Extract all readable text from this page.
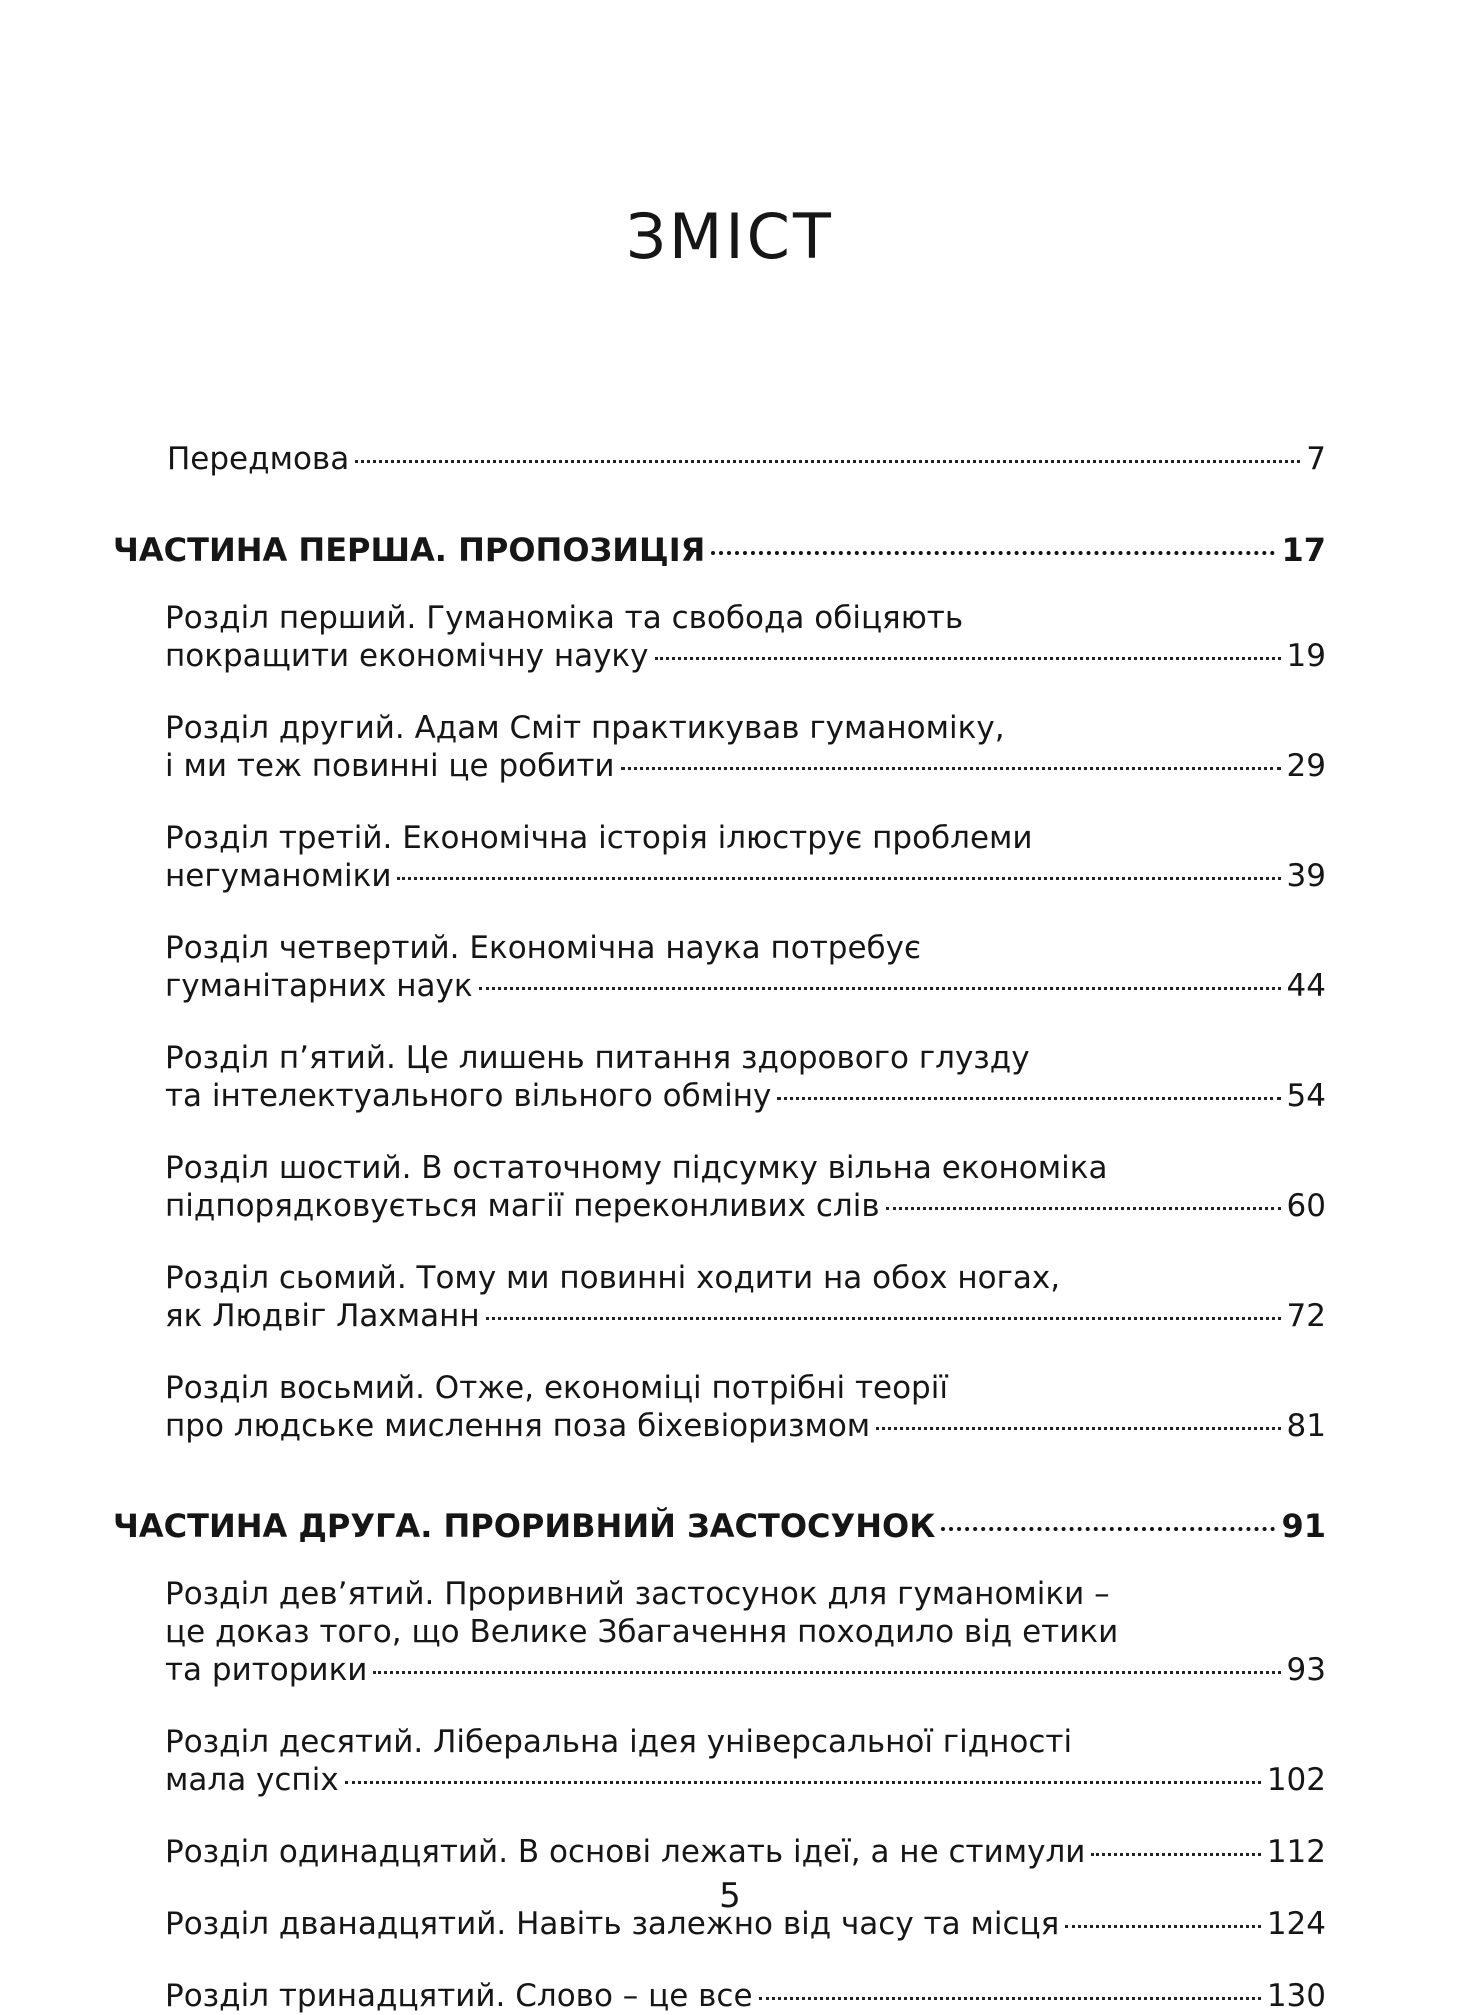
ЗМІСТ
Передмова	7
ЧАСТИНА ПЕРША. ПРОПОЗИЦІЯ	17
Розділ перший. Гуманоміка та свобода обіцяють
покращити економічну науку	19
Розділ другий. Адам Сміт практикував гуманоміку,
і ми теж повинні це робити	29
Розділ третій. Економічна історія ілюструє проблеми
негуманоміки	39
Розділ четвертий. Економічна наука потребує
гуманітарних наук	44
Розділ п’ятий. Це лишень питання здорового глузду
та інтелектуального вільного обміну	54
Розділ шостий. В остаточному підсумку вільна економіка
підпорядковується магії переконливих слів	60
Розділ сьомий. Тому ми повинні ходити на обох ногах,
як Людвіг Лахманн	72
Розділ восьмий. Отже, економіці потрібні теорії
про людське мислення поза біхевіоризмом	81
ЧАСТИНА ДРУГА. ПРОРИВНИЙ ЗАСТОСУНОК	91
Розділ дев’ятий. Проривний застосунок для гуманоміки –
це доказ того, що Велике Збагачення походило від етики
та риторики	93
Розділ десятий. Ліберальна ідея універсальної гідності
мала успіх	102
Розділ одинадцятий. В основі лежать ідеї, а не стимули	112
Розділ дванадцятий. Навіть залежно від часу та місця	124
Розділ тринадцятий. Слово – це все	130
5
